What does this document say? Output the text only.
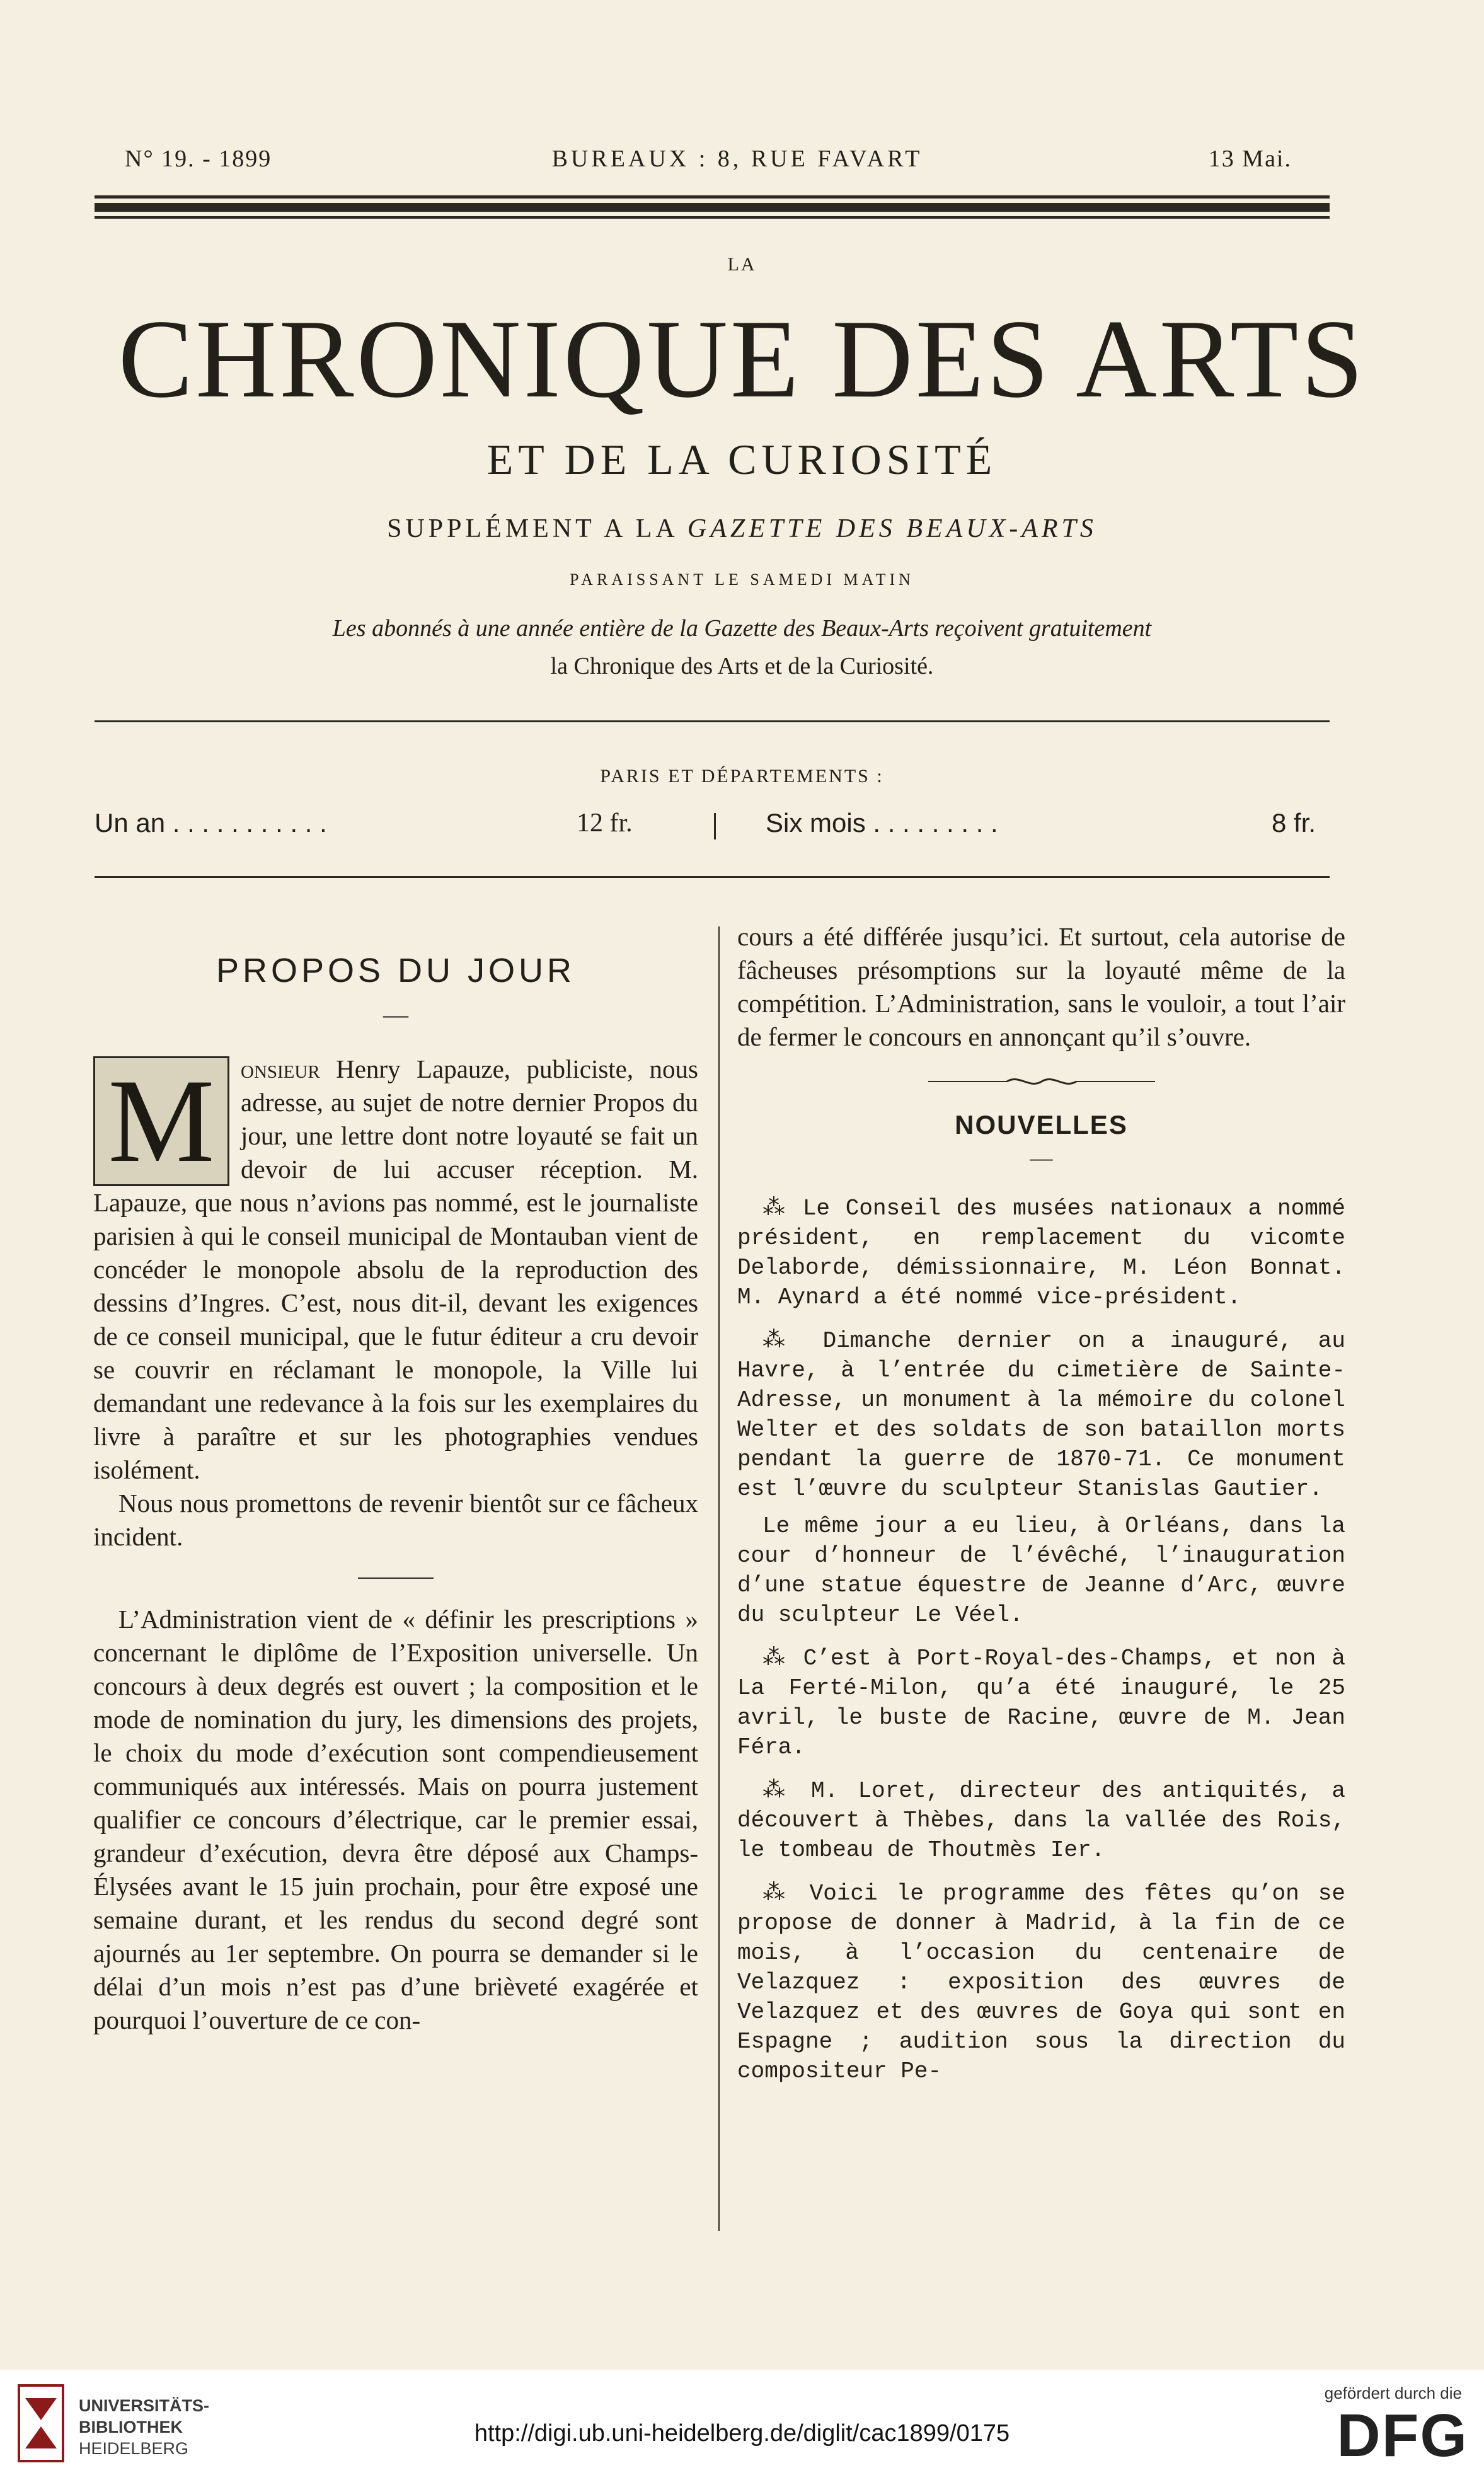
N° 19. - 1899	BUREAUX : 8, RUE FAVART	13 Mai.
LA
CHRONIQUE DES ARTS
ET DE LA CURIOSITÉ
SUPPLÉMENT A LA GAZETTE DES BEAUX-ARTS
PARAISSANT LE SAMEDI MATIN
Les abonnés à une année entière de la Gazette des Beaux-Arts reçoivent gratuitement
la Chronique des Arts et de la Curiosité.
PARIS ET DÉPARTEMENTS :
Un an . . . . . . . . . . .	12 fr.	Six mois . . . . . . . . .	8 fr.
PROPOS DU JOUR
—

M	onsieur Henry Lapauze, publiciste, nous adresse, au sujet de notre dernier Propos du jour, une lettre dont notre loyauté se fait un devoir de lui accuser réception. M. Lapauze, que nous n’avions pas nommé, est le journaliste parisien à qui le conseil municipal de Montauban vient de concéder le monopole absolu de la reproduction des dessins d’Ingres. C’est, nous dit-il, devant les exigences de ce conseil municipal, que le futur éditeur a cru devoir se couvrir en réclamant le monopole, la Ville lui demandant une redevance à la fois sur les exemplaires du livre à paraître et sur les photographies vendues isolément.

Nous nous promettons de revenir bientôt sur ce fâcheux incident.

L’Administration vient de « définir les prescriptions » concernant le diplôme de l’Exposition universelle. Un concours à deux degrés est ouvert ; la composition et le mode de nomination du jury, les dimensions des projets, le choix du mode d’exécution sont compendieusement communiqués aux intéressés. Mais on pourra justement qualifier ce concours d’électrique, car le premier essai, grandeur d’exécution, devra être déposé aux Champs-Élysées avant le 15 juin prochain, pour être exposé une semaine durant, et les rendus du second degré sont ajournés au 1er septembre. On pourra se demander si le délai d’un mois n’est pas d’une brièveté exagérée et pourquoi l’ouverture de ce con-

cours a été différée jusqu’ici. Et surtout, cela autorise de fâcheuses présomptions sur la loyauté même de la compétition. L’Administration, sans le vouloir, a tout l’air de fermer le concours en annonçant qu’il s’ouvre.

NOUVELLES
—

⁂ Le Conseil des musées nationaux a nommé président, en remplacement du vicomte Delaborde, démissionnaire, M. Léon Bonnat. M. Aynard a été nommé vice-président.

⁂ Dimanche dernier on a inauguré, au Havre, à l’entrée du cimetière de Sainte-Adresse, un monument à la mémoire du colonel Welter et des soldats de son bataillon morts pendant la guerre de 1870-71. Ce monument est l’œuvre du sculpteur Stanislas Gautier.

Le même jour a eu lieu, à Orléans, dans la cour d’honneur de l’évêché, l’inauguration d’une statue équestre de Jeanne d’Arc, œuvre du sculpteur Le Véel.

⁂ C’est à Port-Royal-des-Champs, et non à La Ferté-Milon, qu’a été inauguré, le 25 avril, le buste de Racine, œuvre de M. Jean Féra.

⁂ M. Loret, directeur des antiquités, a découvert à Thèbes, dans la vallée des Rois, le tombeau de Thoutmès Ier.

⁂ Voici le programme des fêtes qu’on se propose de donner à Madrid, à la fin de ce mois, à l’occasion du centenaire de Velazquez : exposition des œuvres de Velazquez et des œuvres de Goya qui sont en Espagne ; audition sous la direction du compositeur Pe-

UNIVERSITÄTS-
BIBLIOTHEK
HEIDELBERG
http://digi.ub.uni-heidelberg.de/diglit/cac1899/0175
gefördert durch die
DFG
